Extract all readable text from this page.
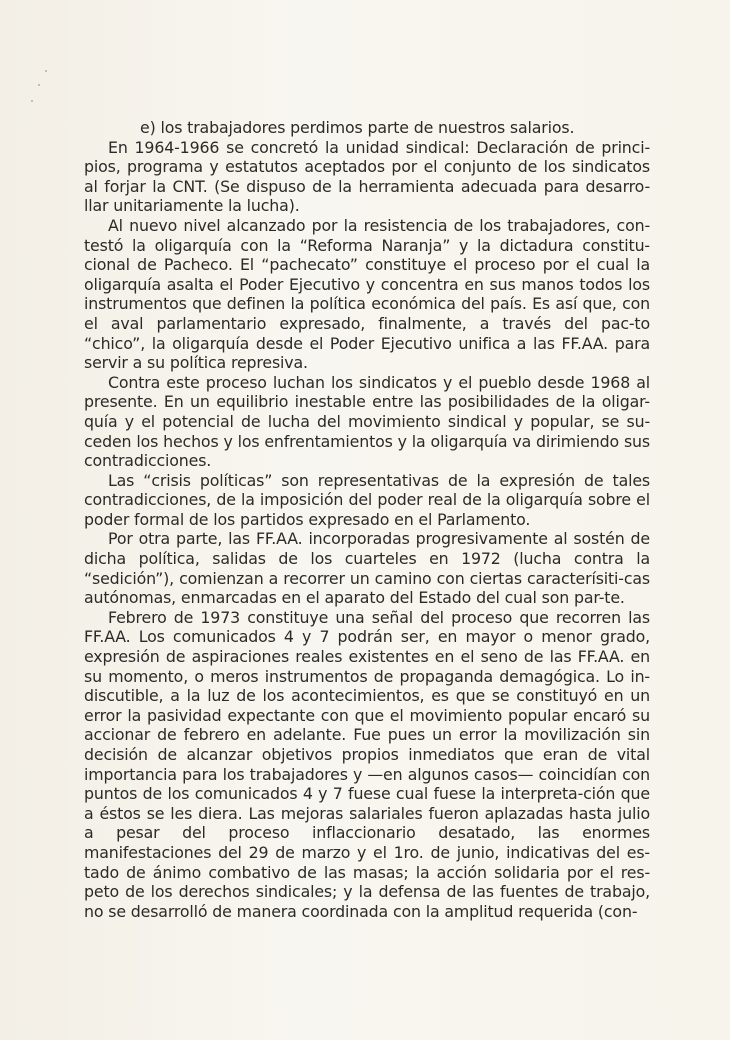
e) los trabajadores perdimos parte de nuestros salarios.

En 1964-1966 se concretó la unidad sindical: Declaración de princi-pios, programa y estatutos aceptados por el conjunto de los sindicatos al forjar la CNT. (Se dispuso de la herramienta adecuada para desarro-llar unitariamente la lucha).

Al nuevo nivel alcanzado por la resistencia de los trabajadores, con-testó la oligarquía con la “Reforma Naranja” y la dictadura constitu-cional de Pacheco. El “pachecato” constituye el proceso por el cual la oligarquía asalta el Poder Ejecutivo y concentra en sus manos todos los instrumentos que definen la política económica del país. Es así que, con el aval parlamentario expresado, finalmente, a través del pac-to “chico”, la oligarquía desde el Poder Ejecutivo unifica a las FF.AA. para servir a su política represiva.

Contra este proceso luchan los sindicatos y el pueblo desde 1968 al presente. En un equilibrio inestable entre las posibilidades de la oligar-quía y el potencial de lucha del movimiento sindical y popular, se su-ceden los hechos y los enfrentamientos y la oligarquía va dirimiendo sus contradicciones.

Las “crisis políticas” son representativas de la expresión de tales contradicciones, de la imposición del poder real de la oligarquía sobre el poder formal de los partidos expresado en el Parlamento.

Por otra parte, las FF.AA. incorporadas progresivamente al sostén de dicha política, salidas de los cuarteles en 1972 (lucha contra la “sedición”), comienzan a recorrer un camino con ciertas caracterísiti-cas autónomas, enmarcadas en el aparato del Estado del cual son par-te.

Febrero de 1973 constituye una señal del proceso que recorren las FF.AA. Los comunicados 4 y 7 podrán ser, en mayor o menor grado, expresión de aspiraciones reales existentes en el seno de las FF.AA. en su momento, o meros instrumentos de propaganda demagógica. Lo in-discutible, a la luz de los acontecimientos, es que se constituyó en un error la pasividad expectante con que el movimiento popular encaró su accionar de febrero en adelante. Fue pues un error la movilización sin decisión de alcanzar objetivos propios inmediatos que eran de vital importancia para los trabajadores y —en algunos casos— coincidían con puntos de los comunicados 4 y 7 fuese cual fuese la interpreta-ción que a éstos se les diera. Las mejoras salariales fueron aplazadas hasta julio a pesar del proceso inflaccionario desatado, las enormes manifestaciones del 29 de marzo y el 1ro. de junio, indicativas del es-tado de ánimo combativo de las masas; la acción solidaria por el res-peto de los derechos sindicales; y la defensa de las fuentes de trabajo, no se desarrolló de manera coordinada con la amplitud requerida (con-
